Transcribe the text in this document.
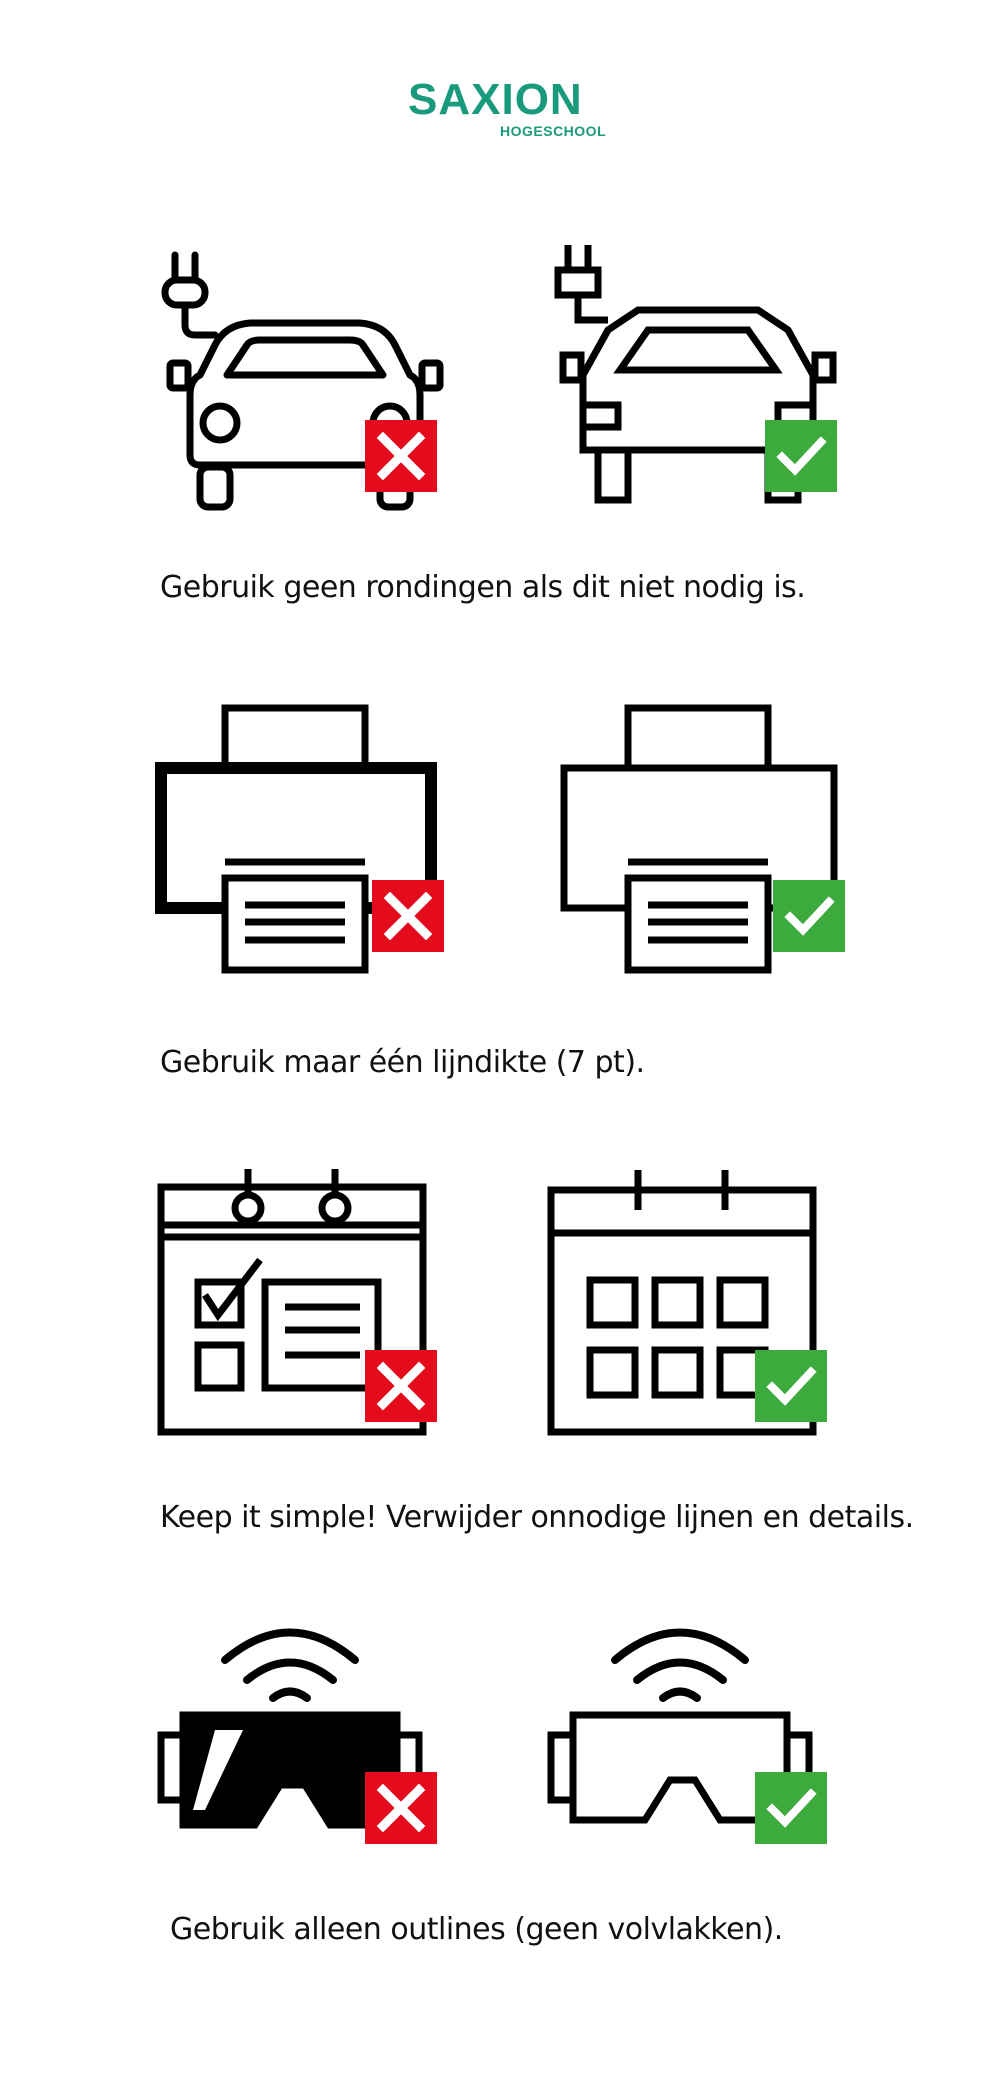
SAXION
HOGESCHOOL
Gebruik geen rondingen als dit niet nodig is.
Gebruik maar één lijndikte (7 pt).
Keep it simple! Verwijder onnodige lijnen en details.
Gebruik alleen outlines (geen volvlakken).
